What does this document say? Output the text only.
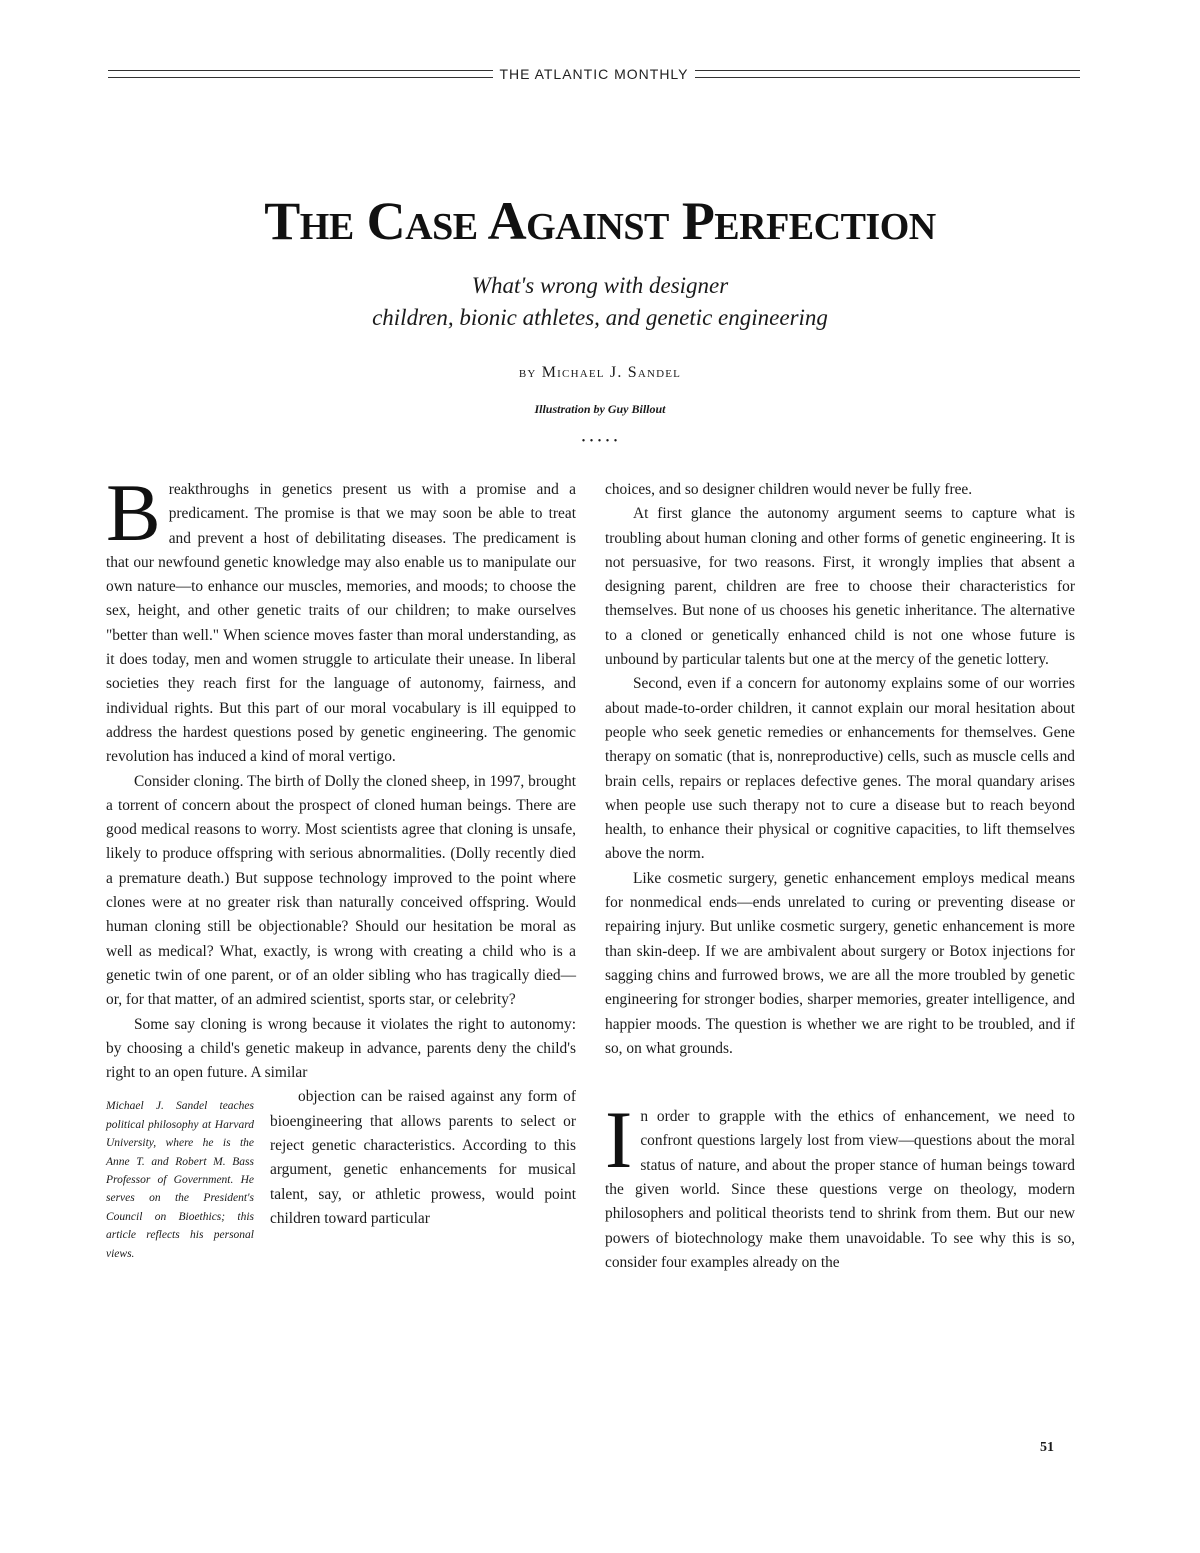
THE ATLANTIC MONTHLY
The Case Against Perfection
What's wrong with designer
children, bionic athletes, and genetic engineering
by Michael J. Sandel
Illustration by Guy Billout
• • • • •

Breakthroughs in genetics present us with a promise and a predicament. The promise is that we may soon be able to treat and prevent a host of debilitating diseases. The predicament is that our newfound genetic knowledge may also enable us to manipulate our own nature—to enhance our muscles, memories, and moods; to choose the sex, height, and other genetic traits of our children; to make ourselves "better than well." When science moves faster than moral understanding, as it does today, men and women struggle to articulate their unease. In liberal societies they reach first for the language of autonomy, fairness, and individual rights. But this part of our moral vocabulary is ill equipped to address the hardest questions posed by genetic engineering. The genomic revolution has induced a kind of moral vertigo.

Consider cloning. The birth of Dolly the cloned sheep, in 1997, brought a torrent of concern about the prospect of cloned human beings. There are good medical reasons to worry. Most scientists agree that cloning is unsafe, likely to produce offspring with serious abnormalities. (Dolly recently died a premature death.) But suppose technology improved to the point where clones were at no greater risk than naturally conceived offspring. Would human cloning still be objectionable? Should our hesitation be moral as well as medical? What, exactly, is wrong with creating a child who is a genetic twin of one parent, or of an older sibling who has tragically died—or, for that matter, of an admired scientist, sports star, or celebrity?

Some say cloning is wrong because it violates the right to autonomy: by choosing a child's genetic makeup in advance, parents deny the child's right to an open future. A similar

Michael J. Sandel teaches political philosophy at Harvard University, where he is the Anne T. and Robert M. Bass Professor of Government. He serves on the President's Council on Bioethics; this article reflects his personal views.

objection can be raised against any form of bioengineering that allows parents to select or reject genetic characteristics. According to this argument, genetic enhancements for musical talent, say, or athletic prowess, would point children toward particular

choices, and so designer children would never be fully free.

At first glance the autonomy argument seems to capture what is troubling about human cloning and other forms of genetic engineering. It is not persuasive, for two reasons. First, it wrongly implies that absent a designing parent, children are free to choose their characteristics for themselves. But none of us chooses his genetic inheritance. The alternative to a cloned or genetically enhanced child is not one whose future is unbound by particular talents but one at the mercy of the genetic lottery.

Second, even if a concern for autonomy explains some of our worries about made-to-order children, it cannot explain our moral hesitation about people who seek genetic remedies or enhancements for themselves. Gene therapy on somatic (that is, nonreproductive) cells, such as muscle cells and brain cells, repairs or replaces defective genes. The moral quandary arises when people use such therapy not to cure a disease but to reach beyond health, to enhance their physical or cognitive capacities, to lift themselves above the norm.

Like cosmetic surgery, genetic enhancement employs medical means for nonmedical ends—ends unrelated to curing or preventing disease or repairing injury. But unlike cosmetic surgery, genetic enhancement is more than skin-deep. If we are ambivalent about surgery or Botox injections for sagging chins and furrowed brows, we are all the more troubled by genetic engineering for stronger bodies, sharper memories, greater intelligence, and happier moods. The question is whether we are right to be troubled, and if so, on what grounds.

In order to grapple with the ethics of enhancement, we need to confront questions largely lost from view—questions about the moral status of nature, and about the proper stance of human beings toward the given world. Since these questions verge on theology, modern philosophers and political theorists tend to shrink from them. But our new powers of biotechnology make them unavoidable. To see why this is so, consider four examples already on the

51
